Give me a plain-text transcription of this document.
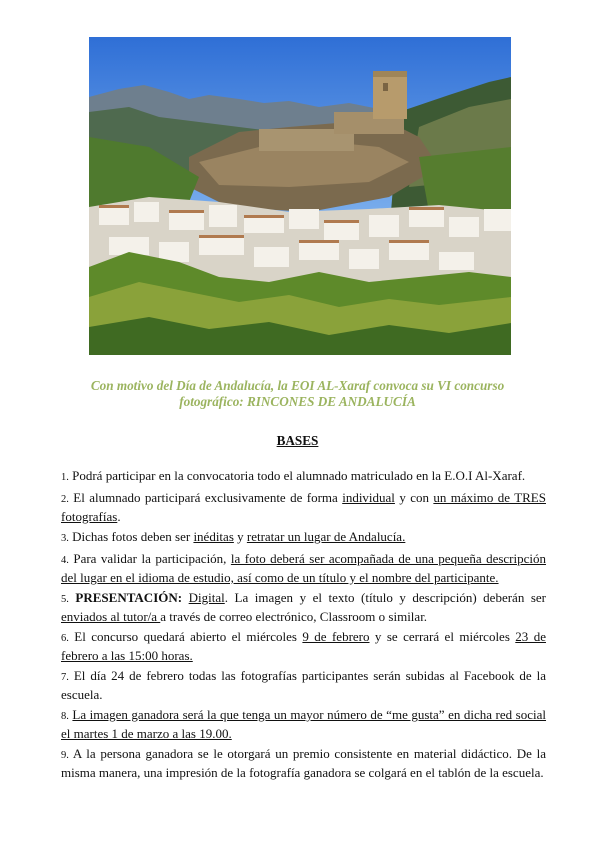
Con motivo del Día de Andalucía, la EOI AL-Xaraf convoca su VI concurso fotográfico: RINCONES DE ANDALUCÍA
BASES
1. Podrá participar en la convocatoria todo el alumnado matriculado en la E.O.I Al-Xaraf.
2. El alumnado participará exclusivamente de forma individual y con un máximo de TRES fotografías.
3. Dichas fotos deben ser inéditas y retratar un lugar de Andalucía.
4. Para validar la participación, la foto deberá ser acompañada de una pequeña descripción del lugar en el idioma de estudio, así como de un título y el nombre del participante.
5. PRESENTACIÓN: Digital. La imagen y el texto (título y descripción) deberán ser enviados al tutor/a a través de correo electrónico, Classroom o similar.
6. El concurso quedará abierto el miércoles 9 de febrero y se cerrará el miércoles 23 de febrero a las 15:00 horas.
7. El día 24 de febrero todas las fotografías participantes serán subidas al Facebook de la escuela.
8. La imagen ganadora será la que tenga un mayor número de “me gusta” en dicha red social el martes 1 de marzo a las 19.00.
9. A la persona ganadora se le otorgará un premio consistente en material didáctico. De la misma manera, una impresión de la fotografía ganadora se colgará en el tablón de la escuela.
